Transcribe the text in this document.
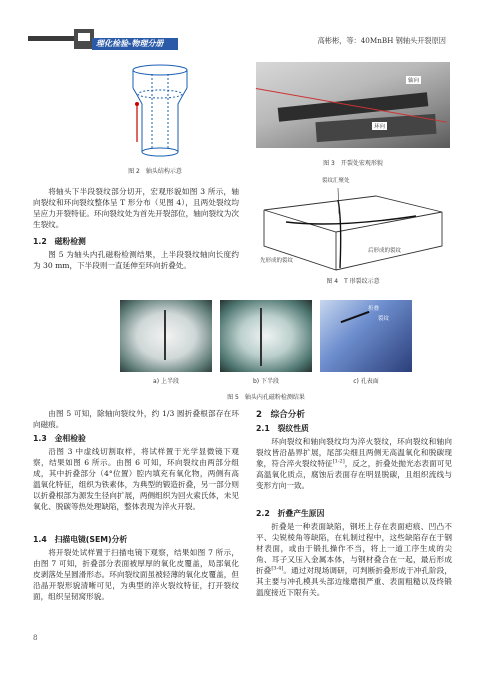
理化检验-物理分册	高彬彬，等：40MnBH 钢轴头开裂原因
图 2　轴头结构示意
轴向
环向
图 3　开裂处宏观形貌
将轴头下半段裂纹部分切开，宏观形貌如图 3 所示，轴向裂纹和环向裂纹整体呈 T 形分布（见图 4），且两处裂纹均呈应力开裂特征。环向裂纹处为首先开裂部位，轴向裂纹为次生裂纹。
1.2　磁粉检测
图 5 为轴头内孔磁粉检测结果，上半段裂纹轴向长度约为 30 mm，下半段则一直延伸至环向折叠处。
裂纹汇聚处
先形成的裂纹
后形成的裂纹
图 4　T 形裂纹示意
折叠
裂纹
a) 上半段	b) 下半段	c) 孔表面
图 5　轴头内孔磁粉检测结果
由图 5 可知，除轴向裂纹外，约 1/3 圆折叠根部存在环向磁痕。
1.3　金相检验
沿图 3 中虚线切割取样，将试样置于光学显微镜下观察，结果如图 6 所示。由图 6 可知，环向裂纹由两部分组成，其中折叠部分（4°位置）腔内填充有氧化物，两侧有高温氧化特征，组织为铁素体，为典型的锻造折叠，另一部分则以折叠根部为源发生径向扩展，两侧组织为回火索氏体，未见氧化、脱碳等热处理缺陷，整体表现为淬火开裂。
1.4　扫描电镜(SEM)分析
将开裂处试样置于扫描电镜下观察，结果如图 7 所示，由图 7 可知，折叠部分表面被厚厚的氧化皮覆盖，局部氧化皮剥落处呈圆滑形态。环向裂纹面虽被轻薄的氧化皮覆盖，但沿晶开裂形貌清晰可见，为典型的淬火裂纹特征，打开裂纹面，组织呈韧窝形貌。
8
2　综合分析
2.1　裂纹性质
环向裂纹和轴向裂纹均为淬火裂纹，环向裂纹和轴向裂纹皆沿晶界扩展，尾部尖细且两侧无高温氧化和脱碳现象，符合淬火裂纹特征[1-2]，反之，折叠处抛光态表面可见高温氧化质点，腐蚀后表面存在明显脱碳，且组织流线与变形方向一致。
2.2　折叠产生原因
折叠是一种表面缺陷，钢坯上存在表面疤痕、凹凸不平、尖锐棱角等缺陷，在轧制过程中，这些缺陷存在于钢材表面，或由于锻扎操作不当，将上一道工序生成的尖角、耳子又压入金属本体，与钢材叠合在一起，最后形成折叠[3-4]。通过对现场调研，可判断折叠形成于冲孔阶段，其主要与冲孔模具头部边缘磨损严重、表面粗糙以及终锻温度接近下限有关。
